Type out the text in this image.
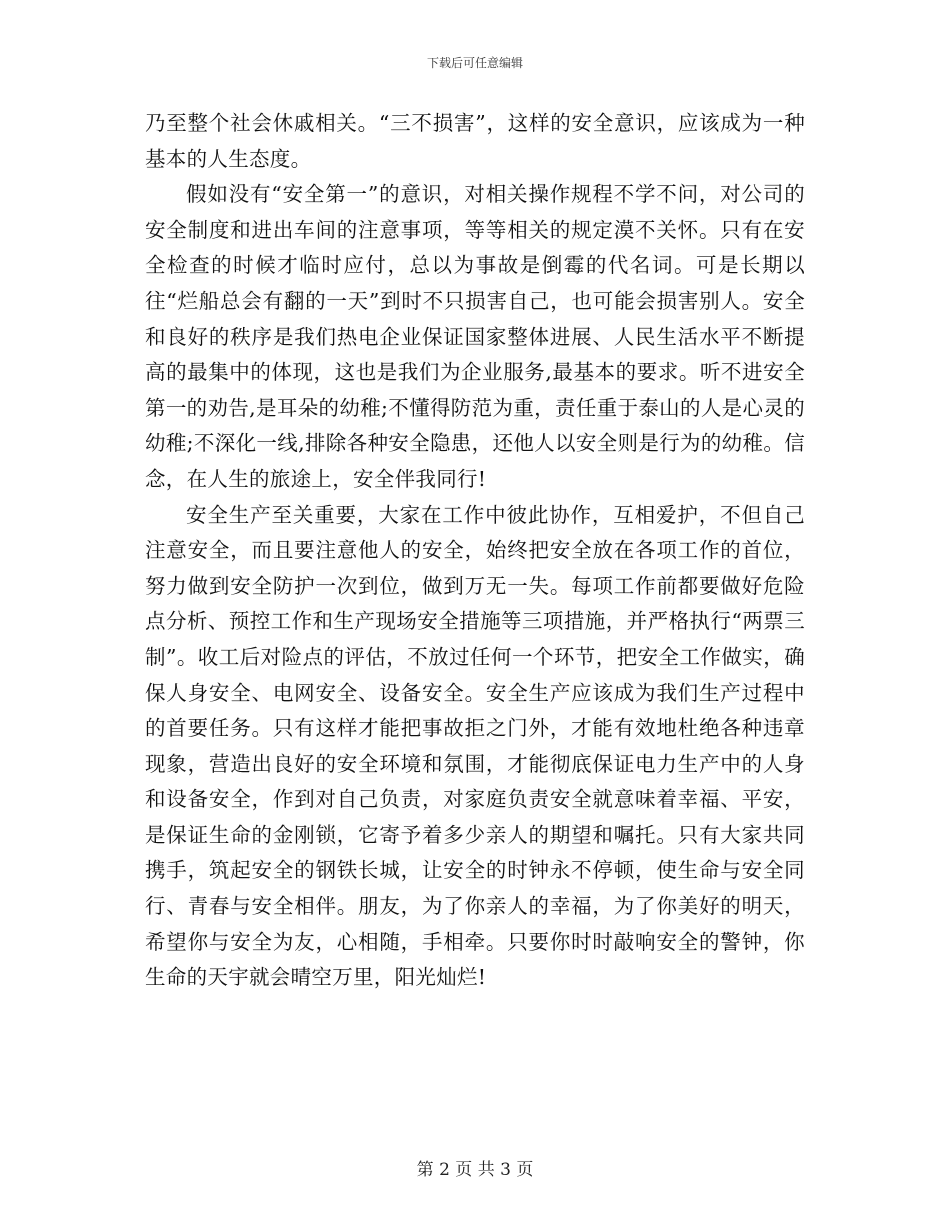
下载后可任意编辑

乃至整个社会休戚相关。“三不损害”，这样的安全意识，应该成为一种基本的人生态度。

假如没有“安全第一”的意识，对相关操作规程不学不问，对公司的安全制度和进出车间的注意事项，等等相关的规定漠不关怀。只有在安全检查的时候才临时应付，总以为事故是倒霉的代名词。可是长期以往“烂船总会有翻的一天”到时不只损害自己，也可能会损害别人。安全和良好的秩序是我们热电企业保证国家整体进展、人民生活水平不断提高的最集中的体现，这也是我们为企业服务,最基本的要求。听不进安全第一的劝告,是耳朵的幼稚;不懂得防范为重，责任重于泰山的人是心灵的幼稚;不深化一线,排除各种安全隐患，还他人以安全则是行为的幼稚。信念，在人生的旅途上，安全伴我同行!

安全生产至关重要，大家在工作中彼此协作，互相爱护，不但自己注意安全，而且要注意他人的安全，始终把安全放在各项工作的首位，努力做到安全防护一次到位，做到万无一失。每项工作前都要做好危险点分析、预控工作和生产现场安全措施等三项措施，并严格执行“两票三制”。收工后对险点的评估，不放过任何一个环节，把安全工作做实，确保人身安全、电网安全、设备安全。安全生产应该成为我们生产过程中的首要任务。只有这样才能把事故拒之门外，才能有效地杜绝各种违章现象，营造出良好的安全环境和氛围，才能彻底保证电力生产中的人身和设备安全，作到对自己负责，对家庭负责安全就意味着幸福、平安，是保证生命的金刚锁，它寄予着多少亲人的期望和嘱托。只有大家共同携手，筑起安全的钢铁长城，让安全的时钟永不停顿，使生命与安全同行、青春与安全相伴。朋友，为了你亲人的幸福，为了你美好的明天，希望你与安全为友，心相随，手相牵。只要你时时敲响安全的警钟，你生命的天宇就会晴空万里，阳光灿烂!

第 2 页 共 3 页
